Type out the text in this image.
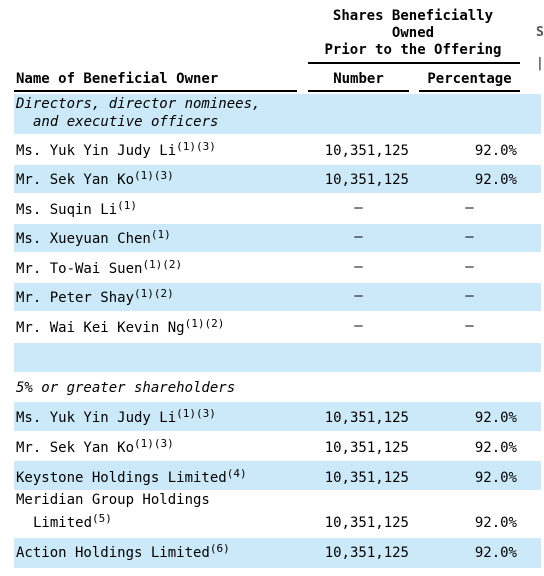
Shares Beneficially
Owned
Prior to the Offering
S
|
Name of Beneficial Owner	Number	Percentage
Directors, director nominees,
and executive officers
Ms. Yuk Yin Judy $Li^{(1)(3)}$	10,351,125	92.0%
Mr. Sek Yan $Ko^{(1)(3)}$	10,351,125	92.0%
Ms. Suqin Li$^{(1)}$	—	—
Ms. Xueyuan Chen$^{(1)}$	—	—
Mr. To-Wai Suen$^{(1)(2)}$	—	—
Mr. Peter Shay$^{(1)(2)}$	—	—
Mr. Wai Kei Kevin $Ng^{(1)(2)}$	—	—
5% or greater shareholders
Ms. Yuk Yin Judy $Li^{(1)(3)}$	10,351,125	92.0%
Mr. Sek Yan $Ko^{(1)(3)}$	10,351,125	92.0%
Keystone Holdings Limited$^{(4)}$	10,351,125	92.0%
Meridian Group Holdings
Limited$^{(5)}$	10,351,125	92.0%
Action Holdings Limited$^{(6)}$	10,351,125	92.0%
